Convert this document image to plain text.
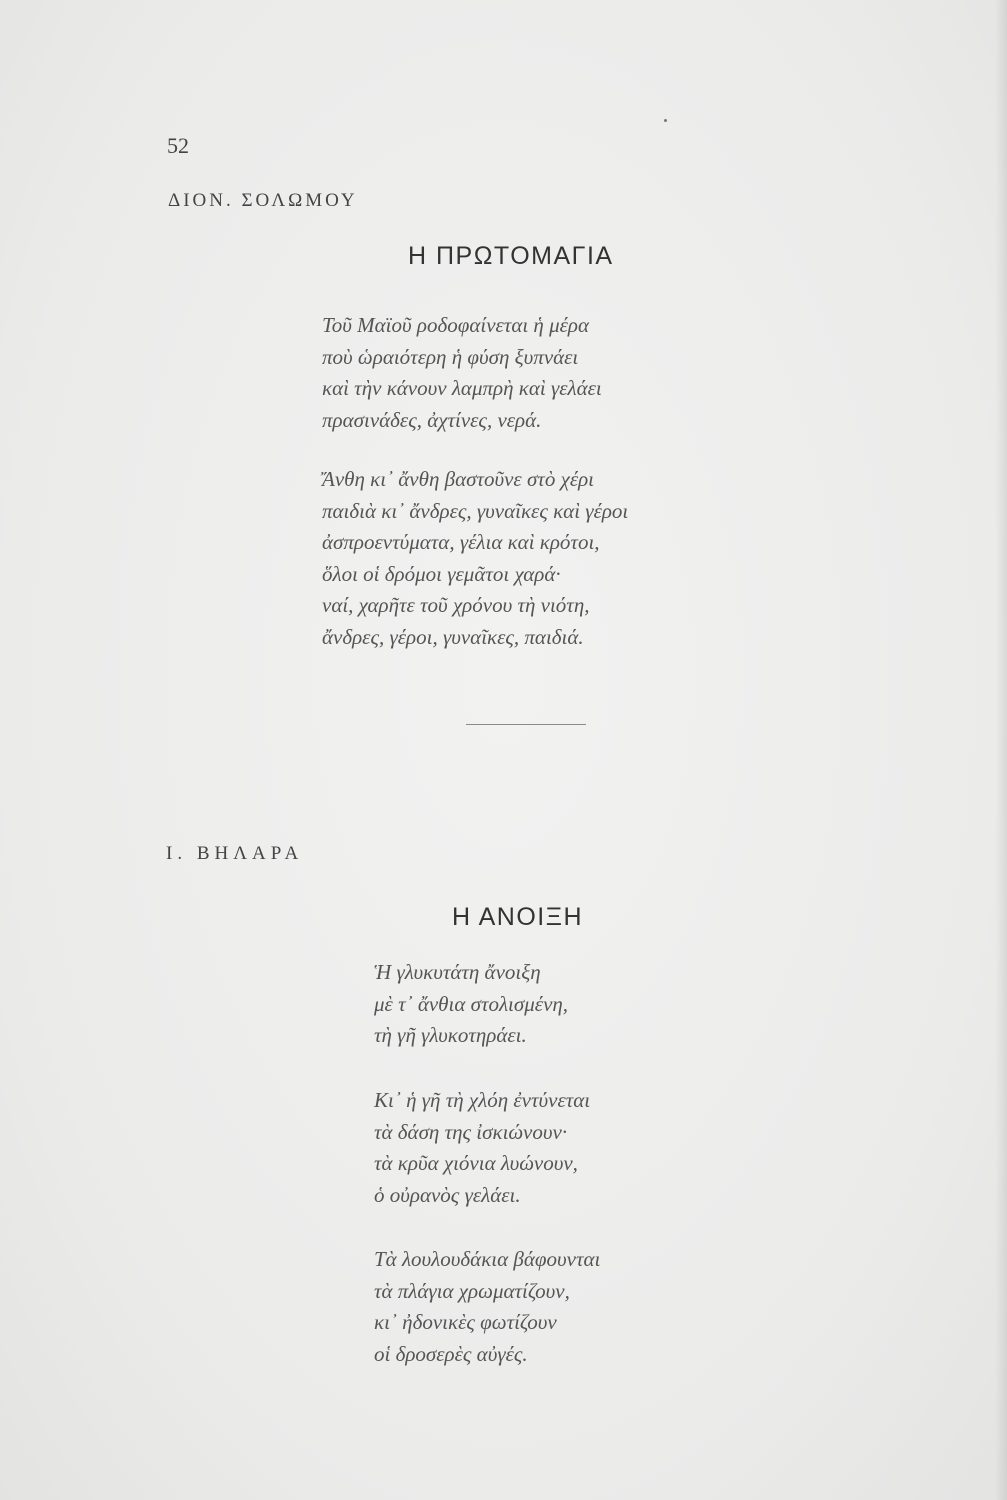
52
ΔΙΟΝ. ΣΟΛΩΜΟΥ
Η ΠΡΩΤΟΜΑΓΙΑ
Τοῦ Μαϊοῦ ροδοφαίνεται ἡ μέρα
ποὺ ὡραιότερη ἡ φύση ξυπνάει
καὶ τὴν κάνουν λαμπρὴ καὶ γελάει
πρασινάδες, ἀχτίνες, νερά.
Ἄνθη κι᾽ ἄνθη βαστοῦνε στὸ χέρι
παιδιὰ κι᾽ ἄνδρες, γυναῖκες καὶ γέροι
ἀσπροεντύματα, γέλια καὶ κρότοι,
ὅλοι οἱ δρόμοι γεμᾶτοι χαρά·
ναί, χαρῆτε τοῦ χρόνου τὴ νιότη,
ἄνδρες, γέροι, γυναῖκες, παιδιά.
Ι. ΒΗΛΑΡΑ
Η ΑΝΟΙΞΗ
Ἡ γλυκυτάτη ἄνοιξη
μὲ τ᾽ ἄνθια στολισμένη,
τὴ γῆ γλυκοτηράει.
Κι᾽ ἡ γῆ τὴ χλόη ἐντύνεται
τὰ δάση της ἰσκιώνουν·
τὰ κρῦα χιόνια λυώνουν,
ὁ οὐρανὸς γελάει.
Τὰ λουλουδάκια βάφουνται
τὰ πλάγια χρωματίζουν,
κι᾽ ἠδονικὲς φωτίζουν
οἱ δροσερὲς αὐγές.
